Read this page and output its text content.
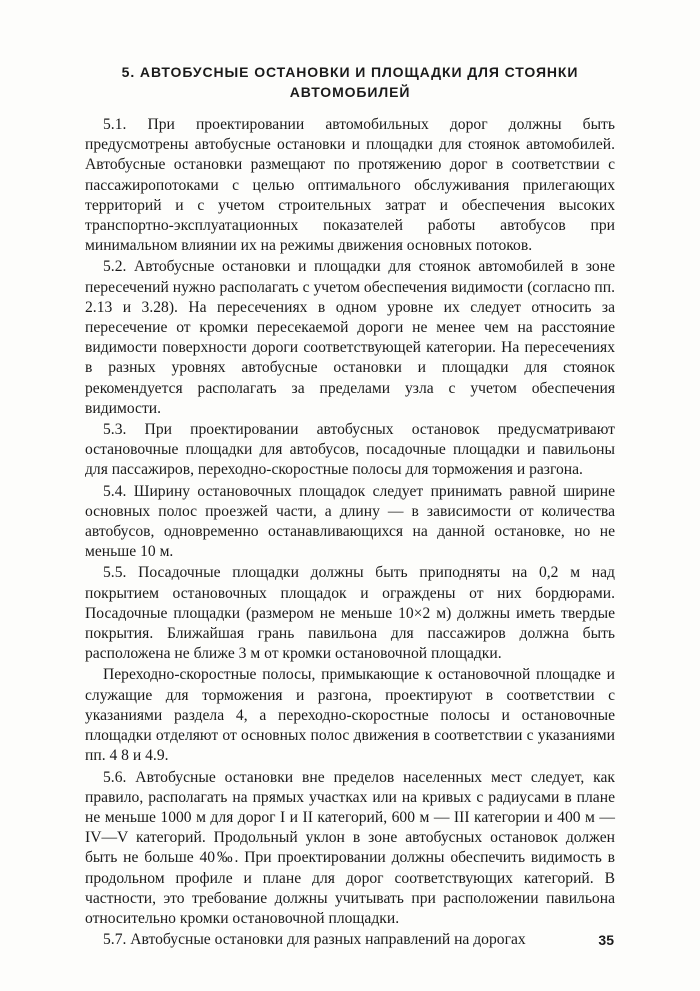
5. АВТОБУСНЫЕ ОСТАНОВКИ И ПЛОЩАДКИ ДЛЯ СТОЯНКИ
АВТОМОБИЛЕЙ

5.1. При проектировании автомобильных дорог должны быть предусмотрены автобусные остановки и площадки для стоянок автомобилей. Автобусные остановки размещают по протяжению дорог в соответствии с пассажиропотоками с целью оптимального обслуживания прилегающих территорий и с учетом строительных затрат и обеспечения высоких транспортно-эксплуатационных показателей работы автобусов при минимальном влиянии их на режимы движения основных потоков.

5.2. Автобусные остановки и площадки для стоянок автомобилей в зоне пересечений нужно располагать с учетом обеспечения видимости (согласно пп. 2.13 и 3.28). На пересечениях в одном уровне их следует относить за пересечение от кромки пересекаемой дороги не менее чем на расстояние видимости поверхности дороги соответствующей категории. На пересечениях в разных уровнях автобусные остановки и площадки для стоянок рекомендуется располагать за пределами узла с учетом обеспечения видимости.

5.3. При проектировании автобусных остановок предусматривают остановочные площадки для автобусов, посадочные площадки и павильоны для пассажиров, переходно-скоростные полосы для торможения и разгона.

5.4. Ширину остановочных площадок следует принимать равной ширине основных полос проезжей части, а длину — в зависимости от количества автобусов, одновременно останавливающихся на данной остановке, но не меньше 10 м.

5.5. Посадочные площадки должны быть приподняты на 0,2 м над покрытием остановочных площадок и ограждены от них бордюрами. Посадочные площадки (размером не меньше 10×2 м) должны иметь твердые покрытия. Ближайшая грань павильона для пассажиров должна быть расположена не ближе 3 м от кромки остановочной площадки.

Переходно-скоростные полосы, примыкающие к остановочной площадке и служащие для торможения и разгона, проектируют в соответствии с указаниями раздела 4, а переходно-скоростные полосы и остановочные площадки отделяют от основных полос движения в соответствии с указаниями пп. 4 8 и 4.9.

5.6. Автобусные остановки вне пределов населенных мест следует, как правило, располагать на прямых участках или на кривых с радиусами в плане не меньше 1000 м для дорог I и II категорий, 600 м — III категории и 400 м — IV—V категорий. Продольный уклон в зоне автобусных остановок должен быть не больше 40‰. При проектировании должны обеспечить видимость в продольном профиле и плане для дорог соответствующих категорий. В частности, это требование должны учитывать при расположении павильона относительно кромки остановочной площадки.

5.7. Автобусные остановки для разных направлений на дорогах	35
